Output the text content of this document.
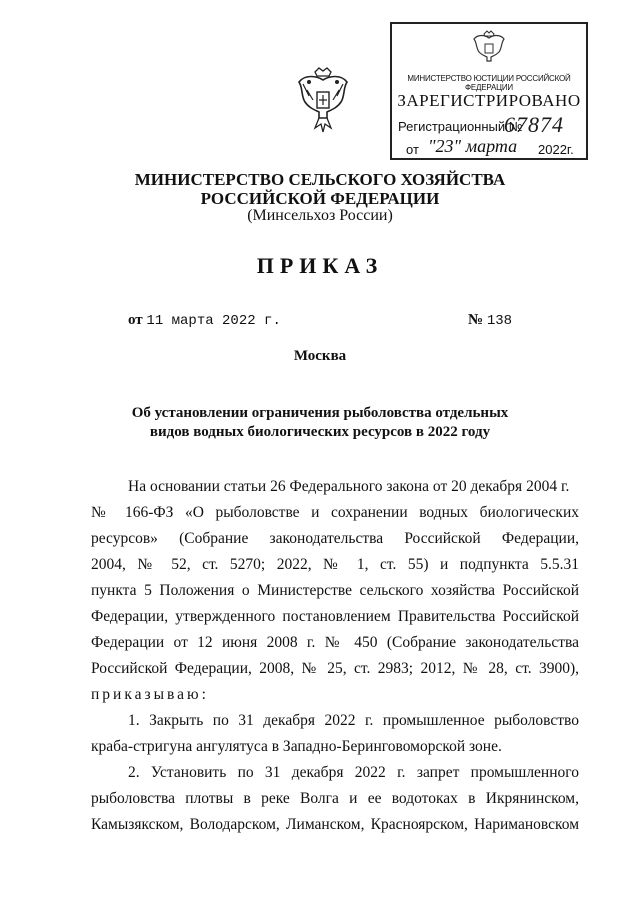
МИНИСТЕРСТВО ЮСТИЦИИ РОССИЙСКОЙ ФЕДЕРАЦИИ
ЗАРЕГИСТРИРОВАНО
Регистрационный №
67874
от "23" марта 2022г.
МИНИСТЕРСТВО СЕЛЬСКОГО ХОЗЯЙСТВА
РОССИЙСКОЙ ФЕДЕРАЦИИ
(Минсельхоз России)
ПРИКАЗ
от 11 марта 2022 г.	№ 138
Москва
Об установлении ограничения рыболовства отдельных
видов водных биологических ресурсов в 2022 году
На основании статьи 26 Федерального закона от 20 декабря 2004 г.
№ 166-ФЗ «О рыболовстве и сохранении водных биологических
ресурсов» (Собрание законодательства Российской Федерации,
2004, № 52, ст. 5270; 2022, № 1, ст. 55) и подпункта 5.5.31
пункта 5 Положения о Министерстве сельского хозяйства Российской
Федерации, утвержденного постановлением Правительства Российской
Федерации от 12 июня 2008 г. № 450 (Собрание законодательства
Российской Федерации, 2008, № 25, ст. 2983; 2012, № 28, ст. 3900),
приказываю:
1. Закрыть по 31 декабря 2022 г. промышленное рыболовство
краба-стригуна ангулятуса в Западно-Беринговоморской зоне.
2. Установить по 31 декабря 2022 г. запрет промышленного
рыболовства плотвы в реке Волга и ее водотоках в Икрянинском,
Камызякском, Володарском, Лиманском, Красноярском, Наримановском
